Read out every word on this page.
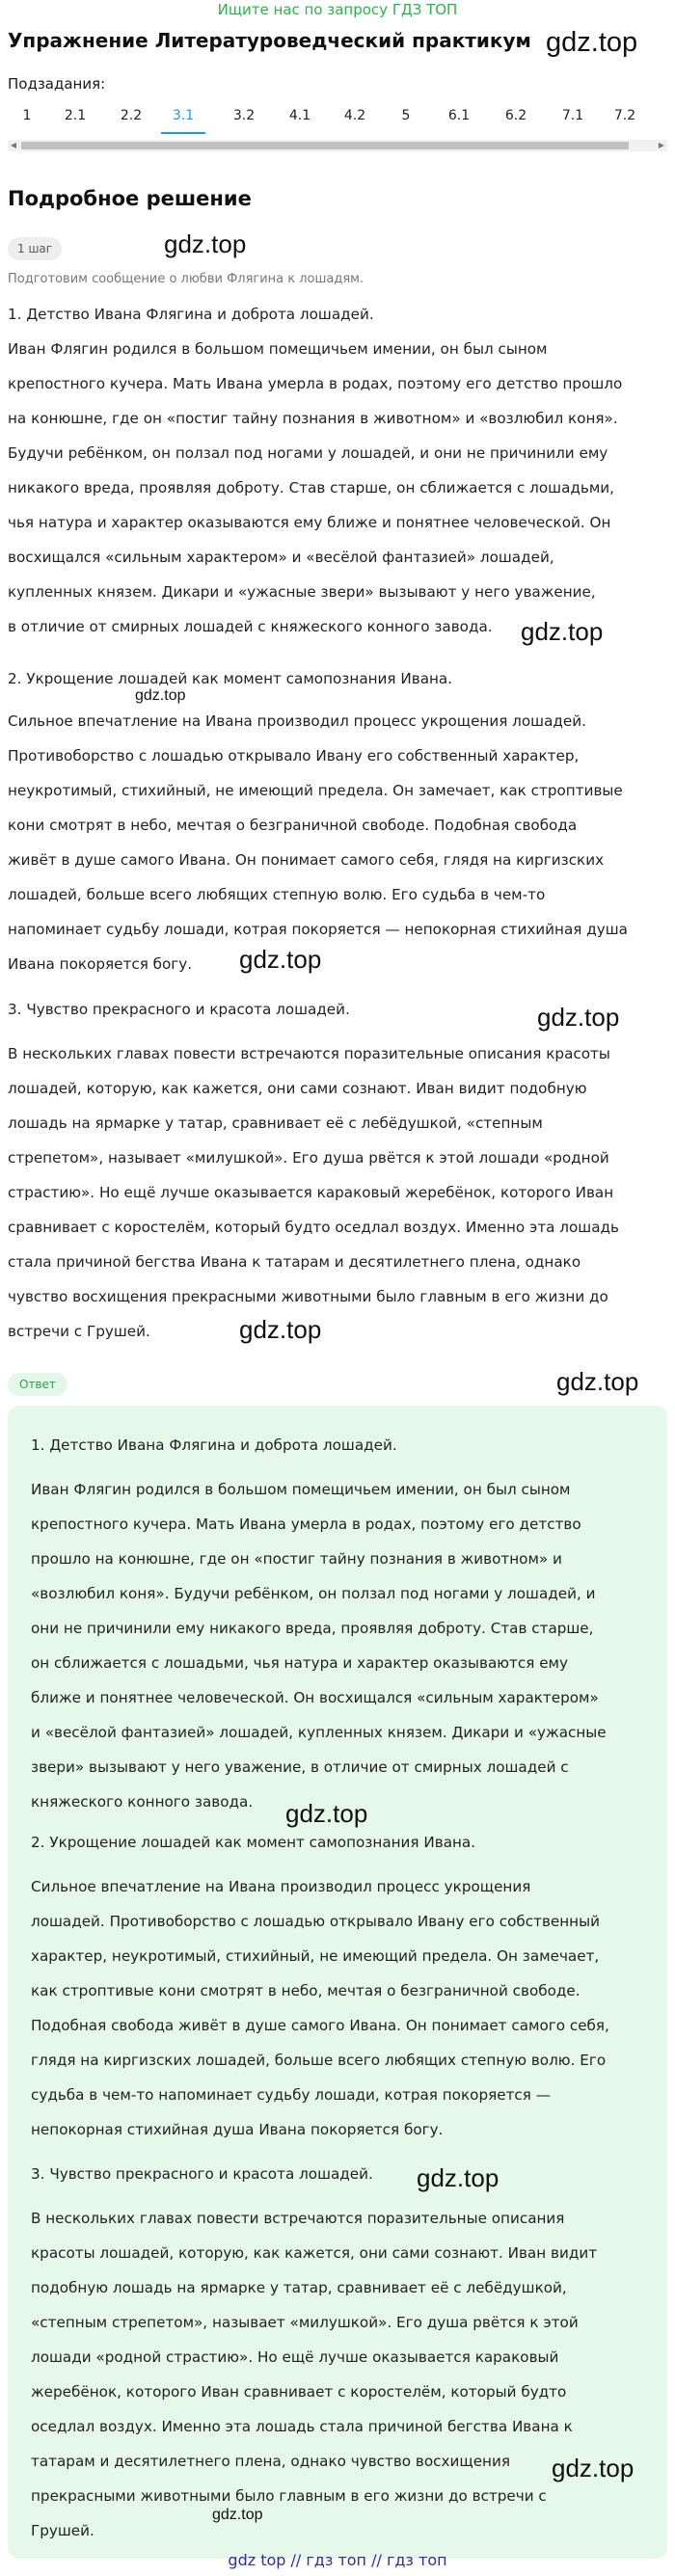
Ищите нас по запросу ГДЗ ТОП
Упражнение Литературоведческий практикум gdz.top
Подзадания:
1	2.1	2.2	3.1	3.2	4.1	4.2	5	6.1	6.2	7.1	7.2
◀	▶
Подробное решение
1 шаг	gdz.top
Подготовим сообщение о любви Флягина к лошадям.
1. Детство Ивана Флягина и доброта лошадей.
Иван Флягин родился в большом помещичьем имении, он был сыном
крепостного кучера. Мать Ивана умерла в родах, поэтому его детство прошло
на конюшне, где он «постиг тайну познания в животном» и «возлюбил коня».
Будучи ребёнком, он ползал под ногами у лошадей, и они не причинили ему
никакого вреда, проявляя доброту. Став старше, он сближается с лошадьми,
чья натура и характер оказываются ему ближе и понятнее человеческой. Он
восхищался «сильным характером» и «весёлой фантазией» лошадей,
купленных князем. Дикари и «ужасные звери» вызывают у него уважение,
в отличие от смирных лошадей с княжеского конного завода.	gdz.top
2. Укрощение лошадей как момент самопознания Ивана.
gdz.top
Сильное впечатление на Ивана производил процесс укрощения лошадей.
Противоборство с лошадью открывало Ивану его собственный характер,
неукротимый, стихийный, не имеющий предела. Он замечает, как строптивые
кони смотрят в небо, мечтая о безграничной свободе. Подобная свобода
живёт в душе самого Ивана. Он понимает самого себя, глядя на киргизских
лошадей, больше всего любящих степную волю. Его судьба в чем-то
напоминает судьбу лошади, котрая покоряется — непокорная стихийная душа
Ивана покоряется богу.	gdz.top
3. Чувство прекрасного и красота лошадей.	gdz.top
В нескольких главах повести встречаются поразительные описания красоты
лошадей, которую, как кажется, они сами сознают. Иван видит подобную
лошадь на ярмарке у татар, сравнивает её с лебёдушкой, «степным
стрепетом», называет «милушкой». Его душа рвётся к этой лошади «родной
страстию». Но ещё лучше оказывается караковый жеребёнок, которого Иван
сравнивает с коростелём, который будто оседлал воздух. Именно эта лошадь
стала причиной бегства Ивана к татарам и десятилетнего плена, однако
чувство восхищения прекрасными животными было главным в его жизни до
встречи с Грушей.	gdz.top
Ответ	gdz.top
1. Детство Ивана Флягина и доброта лошадей.
Иван Флягин родился в большом помещичьем имении, он был сыном
крепостного кучера. Мать Ивана умерла в родах, поэтому его детство
прошло на конюшне, где он «постиг тайну познания в животном» и
«возлюбил коня». Будучи ребёнком, он ползал под ногами у лошадей, и
они не причинили ему никакого вреда, проявляя доброту. Став старше,
он сближается с лошадьми, чья натура и характер оказываются ему
ближе и понятнее человеческой. Он восхищался «сильным характером»
и «весёлой фантазией» лошадей, купленных князем. Дикари и «ужасные
звери» вызывают у него уважение, в отличие от смирных лошадей с
княжеского конного завода.	gdz.top
2. Укрощение лошадей как момент самопознания Ивана.
Сильное впечатление на Ивана производил процесс укрощения
лошадей. Противоборство с лошадью открывало Ивану его собственный
характер, неукротимый, стихийный, не имеющий предела. Он замечает,
как строптивые кони смотрят в небо, мечтая о безграничной свободе.
Подобная свобода живёт в душе самого Ивана. Он понимает самого себя,
глядя на киргизских лошадей, больше всего любящих степную волю. Его
судьба в чем-то напоминает судьбу лошади, котрая покоряется —
непокорная стихийная душа Ивана покоряется богу.
3. Чувство прекрасного и красота лошадей.	gdz.top
В нескольких главах повести встречаются поразительные описания
красоты лошадей, которую, как кажется, они сами сознают. Иван видит
подобную лошадь на ярмарке у татар, сравнивает её с лебёдушкой,
«степным стрепетом», называет «милушкой». Его душа рвётся к этой
лошади «родной страстию». Но ещё лучше оказывается караковый
жеребёнок, которого Иван сравнивает с коростелём, который будто
оседлал воздух. Именно эта лошадь стала причиной бегства Ивана к
татарам и десятилетнего плена, однако чувство восхищения
прекрасными животными было главным в его жизни до встречи с
Грушей.
gdz.top
gdz.top
gdz top // гдз топ // гдз топ
